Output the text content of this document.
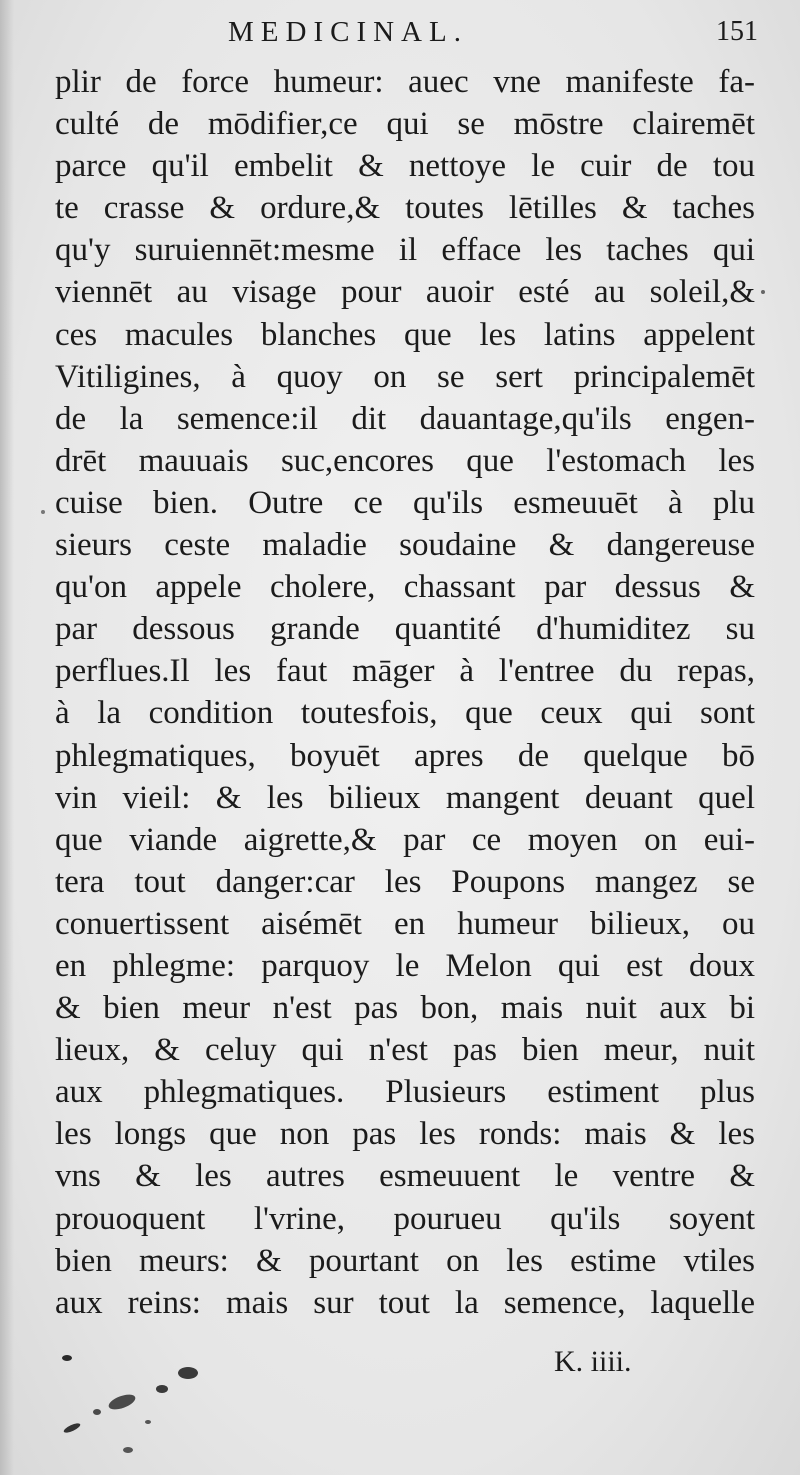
MEDICINAL.	151
plir de force humeur: auec vne manifeste fa-
culté de mōdifier,ce qui se mōstre clairemēt
parce qu'il embelit & nettoye le cuir de tou
te crasse & ordure,& toutes lētilles & taches
qu'y suruiennēt:mesme il efface les taches qui
viennēt au visage pour auoir esté au soleil,&
ces macules blanches que les latins appelent
Vitiligines, à quoy on se sert principalemēt
de la semence:il dit dauantage,qu'ils engen-
drēt mauuais suc,encores que l'estomach les
cuise bien. Outre ce qu'ils esmeuuēt à plu
sieurs ceste maladie soudaine & dangereuse
qu'on appele cholere, chassant par dessus &
par dessous grande quantité d'humiditez su
perflues.Il les faut māger à l'entree du repas,
à la condition toutesfois, que ceux qui sont
phlegmatiques, boyuēt apres de quelque bō
vin vieil: & les bilieux mangent deuant quel
que viande aigrette,& par ce moyen on eui-
tera tout danger:car les Poupons mangez se
conuertissent aisémēt en humeur bilieux, ou
en phlegme: parquoy le Melon qui est doux
& bien meur n'est pas bon, mais nuit aux bi
lieux, & celuy qui n'est pas bien meur, nuit
aux phlegmatiques. Plusieurs estiment plus
les longs que non pas les ronds: mais & les
vns & les autres esmeuuent le ventre &
prouoquent l'vrine, pourueu qu'ils soyent
bien meurs: & pourtant on les estime vtiles
aux reins: mais sur tout la semence, laquelle
K. iiii.
